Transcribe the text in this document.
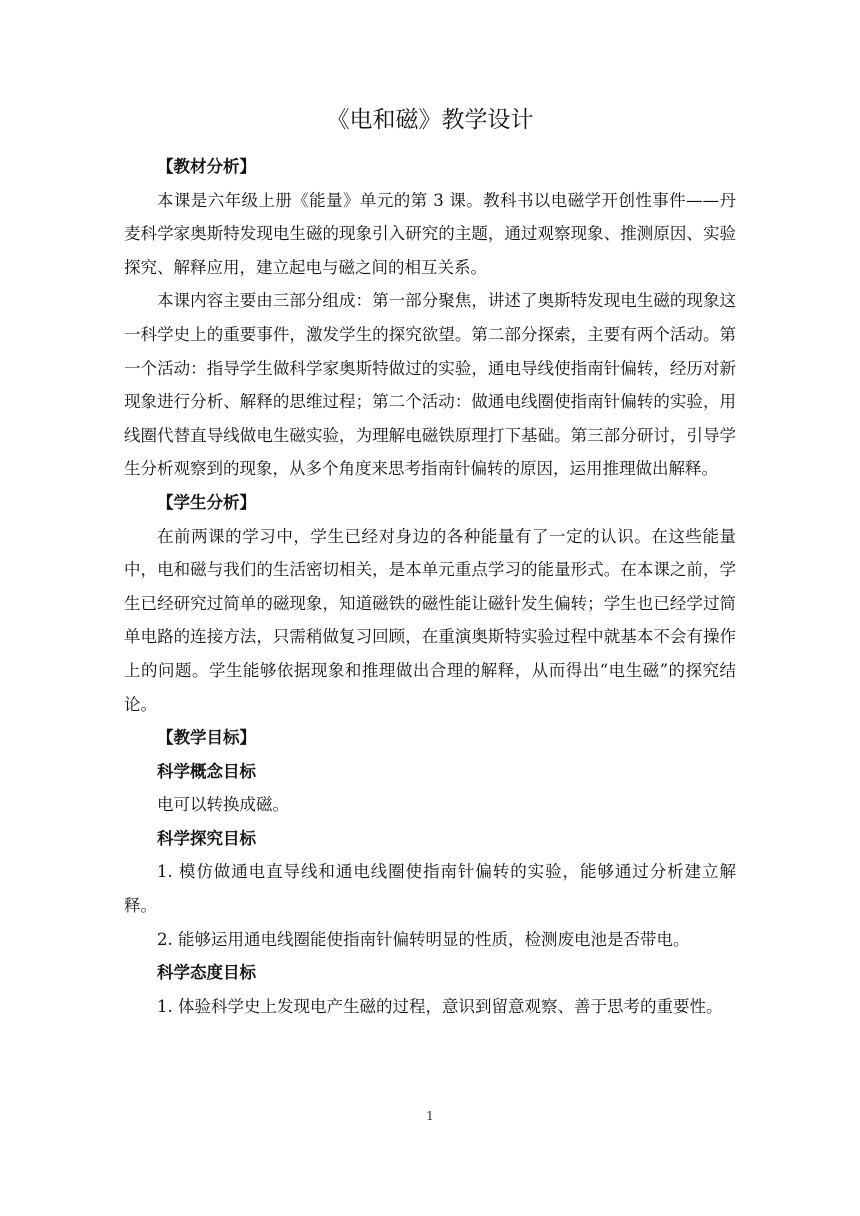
《电和磁》教学设计

【教材分析】

本课是六年级上册《能量》单元的第 3 课。教科书以电磁学开创性事件——丹麦科学家奥斯特发现电生磁的现象引入研究的主题，通过观察现象、推测原因、实验探究、解释应用，建立起电与磁之间的相互关系。

本课内容主要由三部分组成：第一部分聚焦，讲述了奥斯特发现电生磁的现象这一科学史上的重要事件，激发学生的探究欲望。第二部分探索，主要有两个活动。第一个活动：指导学生做科学家奥斯特做过的实验，通电导线使指南针偏转，经历对新现象进行分析、解释的思维过程；第二个活动：做通电线圈使指南针偏转的实验，用线圈代替直导线做电生磁实验，为理解电磁铁原理打下基础。第三部分研讨，引导学生分析观察到的现象，从多个角度来思考指南针偏转的原因，运用推理做出解释。

【学生分析】

在前两课的学习中，学生已经对身边的各种能量有了一定的认识。在这些能量中，电和磁与我们的生活密切相关，是本单元重点学习的能量形式。在本课之前，学生已经研究过简单的磁现象，知道磁铁的磁性能让磁针发生偏转；学生也已经学过简单电路的连接方法，只需稍做复习回顾，在重演奥斯特实验过程中就基本不会有操作上的问题。学生能够依据现象和推理做出合理的解释，从而得出“电生磁”的探究结论。

【教学目标】

科学概念目标

电可以转换成磁。

科学探究目标

1. 模仿做通电直导线和通电线圈使指南针偏转的实验，能够通过分析建立解释。

2. 能够运用通电线圈能使指南针偏转明显的性质，检测废电池是否带电。

科学态度目标

1. 体验科学史上发现电产生磁的过程，意识到留意观察、善于思考的重要性。

1
